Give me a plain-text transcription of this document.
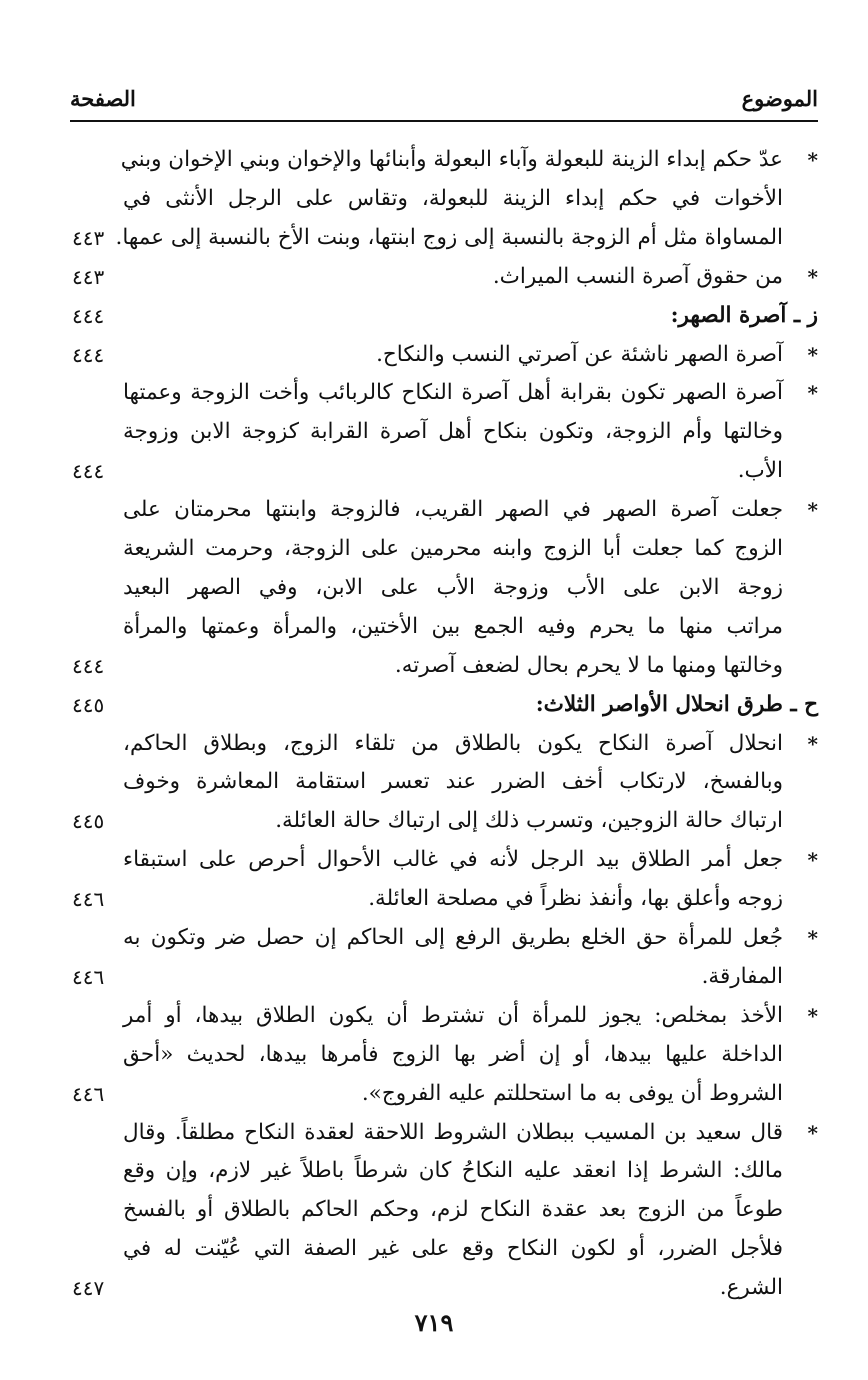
الموضوع
الصفحة
*
عدّ حكم إبداء الزينة للبعولة وآباء البعولة وأبنائها والإخوان وبني الإخوان وبني
الأخوات في حكم إبداء الزينة للبعولة، وتقاس على الرجل الأنثى في
المساواة مثل أم الزوجة بالنسبة إلى زوج ابنتها، وبنت الأخ بالنسبة إلى عمها.
٤٤٣
*
من حقوق آصرة النسب الميراث.
٤٤٣
ز ـ آصرة الصهر:
٤٤٤
*
آصرة الصهر ناشئة عن آصرتي النسب والنكاح.
٤٤٤
*
آصرة الصهر تكون بقرابة أهل آصرة النكاح كالربائب وأخت الزوجة وعمتها
وخالتها وأم الزوجة، وتكون بنكاح أهل آصرة القرابة كزوجة الابن وزوجة
الأب.
٤٤٤
*
جعلت آصرة الصهر في الصهر القريب، فالزوجة وابنتها محرمتان على
الزوج كما جعلت أبا الزوج وابنه محرمين على الزوجة، وحرمت الشريعة
زوجة الابن على الأب وزوجة الأب على الابن، وفي الصهر البعيد
مراتب منها ما يحرم وفيه الجمع بين الأختين، والمرأة وعمتها والمرأة
وخالتها ومنها ما لا يحرم بحال لضعف آصرته.
٤٤٤
ح ـ طرق انحلال الأواصر الثلاث:
٤٤٥
*
انحلال آصرة النكاح يكون بالطلاق من تلقاء الزوج، وبطلاق الحاكم،
وبالفسخ، لارتكاب أخف الضرر عند تعسر استقامة المعاشرة وخوف
ارتباك حالة الزوجين، وتسرب ذلك إلى ارتباك حالة العائلة.
٤٤٥
*
جعل أمر الطلاق بيد الرجل لأنه في غالب الأحوال أحرص على استبقاء
زوجه وأعلق بها، وأنفذ نظراً في مصلحة العائلة.
٤٤٦
*
جُعل للمرأة حق الخلع بطريق الرفع إلى الحاكم إن حصل ضر وتكون به
المفارقة.
٤٤٦
*
الأخذ بمخلص: يجوز للمرأة أن تشترط أن يكون الطلاق بيدها، أو أمر
الداخلة عليها بيدها، أو إن أضر بها الزوج فأمرها بيدها، لحديث «أحق
الشروط أن يوفى به ما استحللتم عليه الفروج».
٤٤٦
*
قال سعيد بن المسيب ببطلان الشروط اللاحقة لعقدة النكاح مطلقاً. وقال
مالك: الشرط إذا انعقد عليه النكاحُ كان شرطاً باطلاً غير لازم، وإن وقع
طوعاً من الزوج بعد عقدة النكاح لزم، وحكم الحاكم بالطلاق أو بالفسخ
فلأجل الضرر، أو لكون النكاح وقع على غير الصفة التي عُيّنت له في
الشرع.
٤٤٧
٧١٩
